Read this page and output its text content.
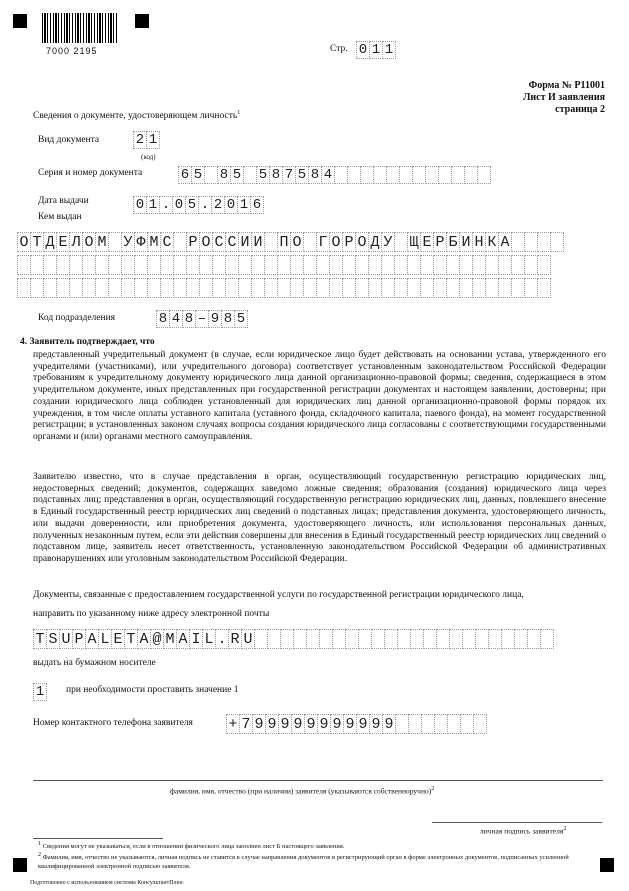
7000 2195	Стр. 0 1 1
Форма № Р11001
Лист И заявления
страница 2
Сведения о документе, удостоверяющем личность$^1$
Вид документа	2 1
(код)
Серия и номер документа	6 5 8 5 5 8 7 5 8 4
Дата выдачи	0 1 . 0 5 . 2 0 1 6
Кем выдан
О Т Д Е Л О М У Ф М С Р О С С И И П О Г О Р О Д У Щ Е Р Б И Н К А
Код подразделения	8 4 8 – 9 8 5
4. Заявитель подтверждает, что
представленный учредительный документ (в случае, если юридическое лицо будет действовать на основании устава, утвержденного его учредителями (участниками), или учредительного договора) соответствует установленным законодательством Российской Федерации требованиям к учредительному документу юридического лица данной организационно-правовой формы; сведения, содержащиеся в этом учредительном документе, иных представленных при государственной регистрации документах и настоящем заявлении, достоверны; при создании юридического лица соблюден установленный для юридических лиц данной организационно-правовой формы порядок их учреждения, в том числе оплаты уставного капитала (уставного фонда, складочного капитала, паевого фонда), на момент государственной регистрации; в установленных законом случаях вопросы создания юридического лица согласованы с соответствующими государственными органами и (или) органами местного самоуправления.
Заявителю известно, что в случае представления в орган, осуществляющий государственную регистрацию юридических лиц, недостоверных сведений; документов, содержащих заведомо ложные сведения; образования (создания) юридического лица через подставных лиц; представления в орган, осуществляющий государственную регистрацию юридических лиц, данных, повлекшего внесение в Единый государственный реестр юридических лиц сведений о подставных лицах; представления документа, удостоверяющего личность, или выдачи доверенности, или приобретения документа, удостоверяющего личность, или использования персональных данных, полученных незаконным путем, если эти действия совершены для внесения в Единый государственный реестр юридических лиц сведений о подставном лице, заявитель несет ответственность, установленную законодательством Российской Федерации об административных правонарушениях или уголовным законодательством Российской Федерации.
Документы, связанные с предоставлением государственной услуги по государственной регистрации юридического лица,
направить по указанному ниже адресу электронной почты
T S U P A L E T A @ M A I L . R U
выдать на бумажном носителе
1 при необходимости проставить значение 1
Номер контактного телефона заявителя + 7 9 9 9 9 9 9 9 9 9 9 9
фамилия, имя, отчество (при наличии) заявителя (указываются собственноручно)$^2$
личная подпись заявителя$^2$
$^1$ Сведения могут не указываться, если в отношении физического лица заполнен лист Б настоящего заявления.
$^2$ Фамилия, имя, отчество не указываются, личная подпись не ставится в случае направления документов в регистрирующий орган в форме электронных документов, подписанных усиленной квалифицированной электронной подписью заявителя.
Подготовлено с использованием системы КонсультантПлюс
